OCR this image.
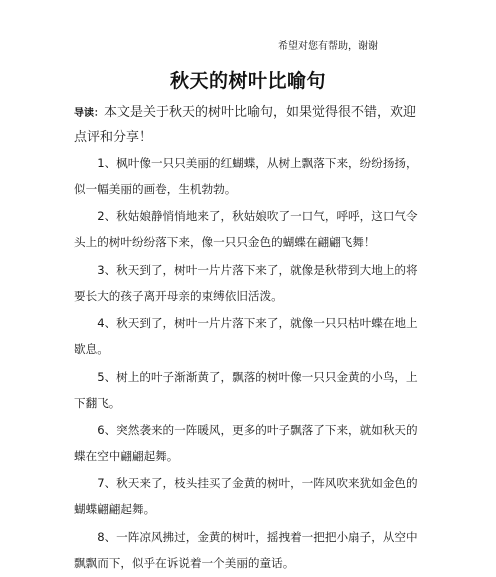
希望对您有帮助，谢谢
秋天的树叶比喻句
导读：本文是关于秋天的树叶比喻句，如果觉得很不错，欢迎点评和分享！

1、枫叶像一只只美丽的红蝴蝶，从树上飘落下来，纷纷扬扬，似一幅美丽的画卷，生机勃勃。

2、秋姑娘静悄悄地来了，秋姑娘吹了一口气，呼呼，这口气令头上的树叶纷纷落下来，像一只只金色的蝴蝶在翩翩飞舞！

3、秋天到了，树叶一片片落下来了，就像是秋带到大地上的将要长大的孩子离开母亲的束缚依旧活泼。

4、秋天到了，树叶一片片落下来了，就像一只只枯叶蝶在地上歇息。

5、树上的叶子渐渐黄了，飘落的树叶像一只只金黄的小鸟，上下翻飞。

6、突然袭来的一阵暖风，更多的叶子飘落了下来，就如秋天的蝶在空中翩翩起舞。

7、秋天来了，枝头挂买了金黄的树叶，一阵风吹来犹如金色的蝴蝶翩翩起舞。

8、一阵凉风拂过，金黄的树叶，摇拽着一把把小扇子，从空中飘飘而下，似乎在诉说着一个美丽的童话。
